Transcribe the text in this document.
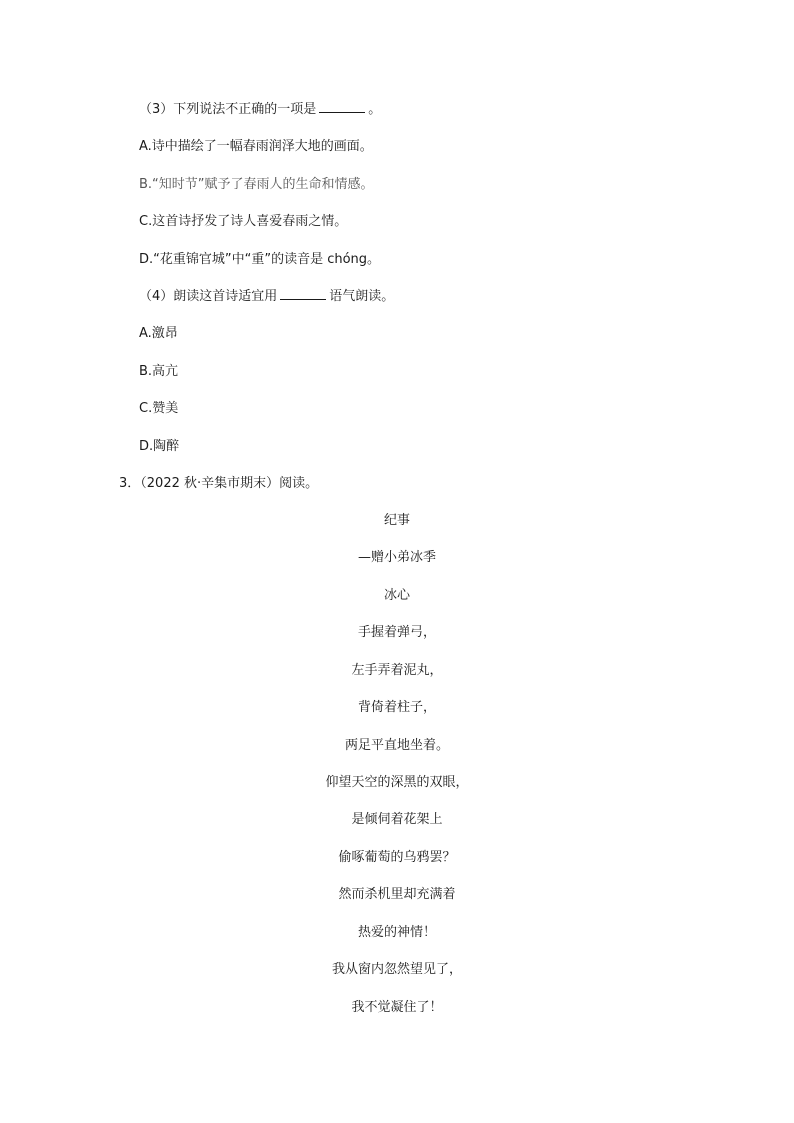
（3）下列说法不正确的一项是	。
A.诗中描绘了一幅春雨润泽大地的画面。
B.“知时节”赋予了春雨人的生命和情感。
C.这首诗抒发了诗人喜爱春雨之情。
D.“花重锦官城”中“重”的读音是 chóng。
（4）朗读这首诗适宜用	语气朗读。
A.激昂
B.高亢
C.赞美
D.陶醉
3．（2022 秋·辛集市期末）阅读。
纪事
—赠小弟冰季
冰心
手握着弹弓，
左手弄着泥丸，
背倚着柱子，
两足平直地坐着。
仰望天空的深黑的双眼，
是倾伺着花架上
偷啄葡萄的乌鸦罢？
然而杀机里却充满着
热爱的神情！
我从窗内忽然望见了，
我不觉凝住了！
